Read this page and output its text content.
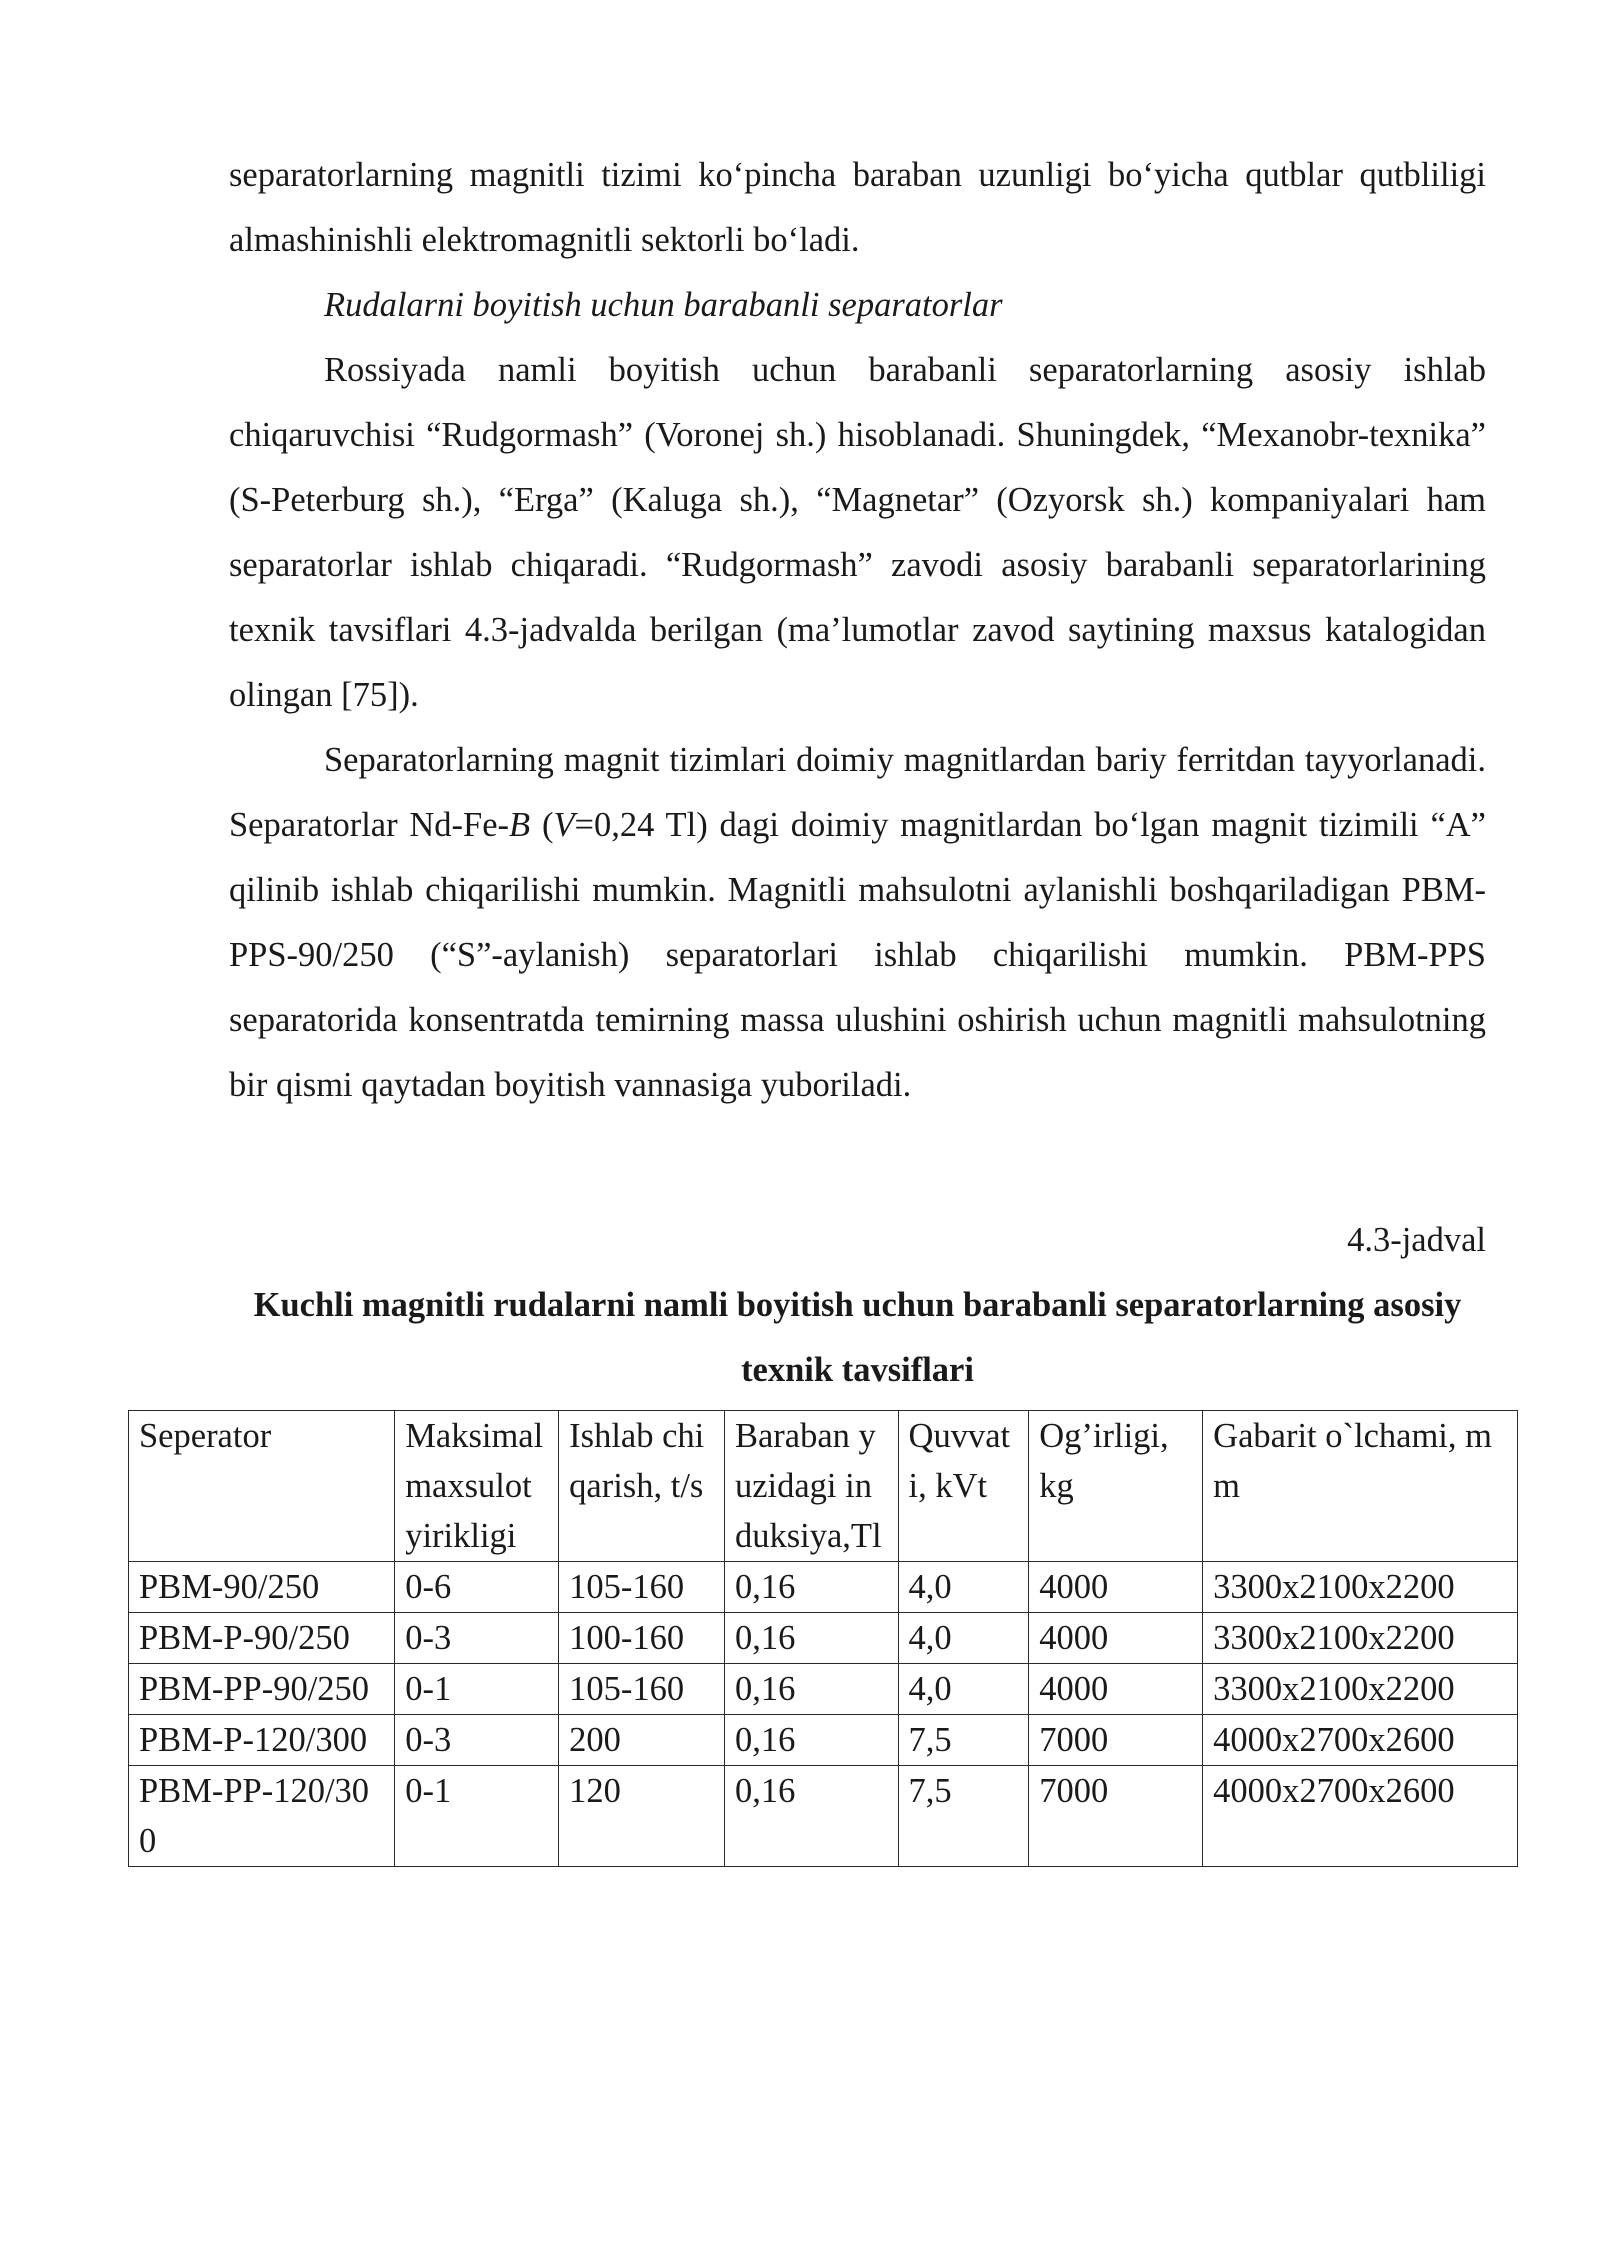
separatorlarning magnitli tizimi ko‘pincha baraban uzunligi bo‘yicha qutblar qutbliligi almashinishli elektromagnitli sektorli bo‘ladi.

Rudalarni boyitish uchun barabanli separatorlar

Rossiyada namli boyitish uchun barabanli separatorlarning asosiy ishlab chiqaruvchisi “Rudgormash” (Voronej sh.) hisoblanadi. Shuningdek, “Mexanobr-texnika” (S-Peterburg sh.), “Erga” (Kaluga sh.), “Magnetar” (Ozyorsk sh.) kompaniyalari ham separatorlar ishlab chiqaradi. “Rudgormash” zavodi asosiy barabanli separatorlarining texnik tavsiflari 4.3-jadvalda berilgan (ma’lumotlar zavod saytining maxsus katalogidan olingan [75]).

Separatorlarning magnit tizimlari doimiy magnitlardan bariy ferritdan tayyorlanadi. Separatorlar Nd-Fe-B (V=0,24 Tl) dagi doimiy magnitlardan bo‘lgan magnit tizimili “A” qilinib ishlab chiqarilishi mumkin. Magnitli mahsulotni aylanishli boshqariladigan PBM-PPS-90/250 (“S”-aylanish) separatorlari ishlab chiqarilishi mumkin. PBM-PPS separatorida konsentratda temirning massa ulushini oshirish uchun magnitli mahsulotning bir qismi qaytadan boyitish vannasiga yuboriladi.

4.3-jadval
Kuchli magnitli rudalarni namli boyitish uchun barabanli separatorlarning asosiy texnik tavsiflari
Seperator	Maksimal maxsulot yirikligi	Ishlab chiqarish, t/s	Baraban yuzidagi induksiya,Tl	Quvvati, kVt	Og’irligi, kg	Gabarit o`lchami, mm
PBM-90/250	0-6	105-160	0,16	4,0	4000	3300x2100x2200
PBM-P-90/250	0-3	100-160	0,16	4,0	4000	3300x2100x2200
PBM-PP-90/250	0-1	105-160	0,16	4,0	4000	3300x2100x2200
PBM-P-120/300	0-3	200	0,16	7,5	7000	4000x2700x2600
PBM-PP-120/300	0-1	120	0,16	7,5	7000	4000x2700x2600
